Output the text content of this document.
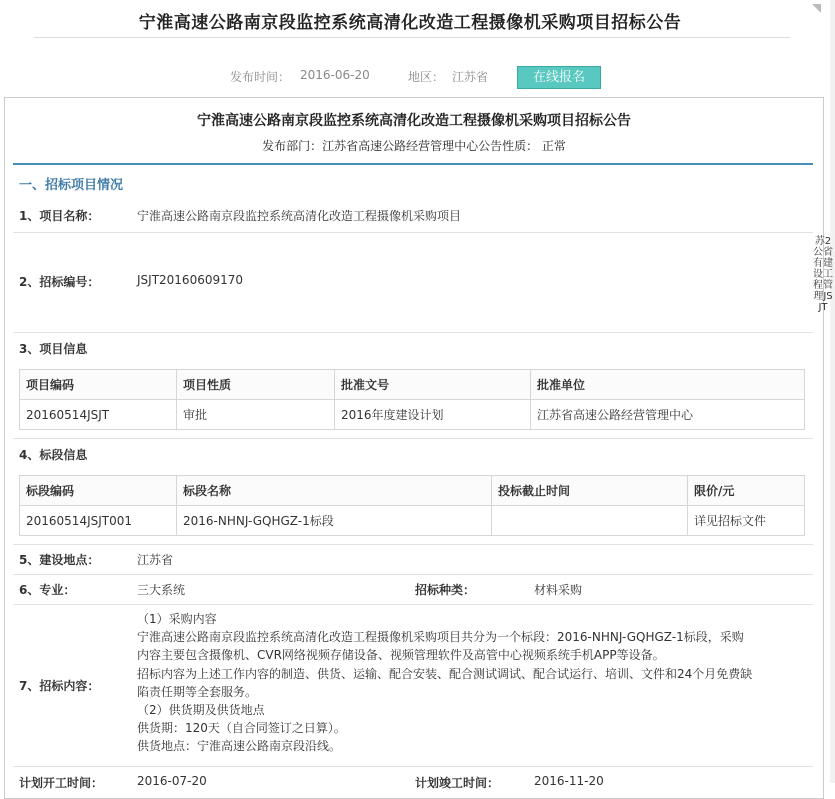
宁淮高速公路南京段监控系统高清化改造工程摄像机采购项目招标公告
发布时间： 2016-06-20	地区： 江苏省	在线报名
宁淮高速公路南京段监控系统高清化改造工程摄像机采购项目招标公告
发布部门：江苏省高速公路经营管理中心公告性质： 正常
一、招标项目情况
1、项目名称：	宁淮高速公路南京段监控系统高清化改造工程摄像机采购项目
2、招标编号：	JSJT20160609170
3、项目信息
项目编码	项目性质	批准文号	批准单位
20160514JSJT	审批	2016年度建设计划	江苏省高速公路经营管理中心
4、标段信息
标段编码	标段名称	投标截止时间	限价/元
20160514JSJT001	2016-NHNJ-GQHGZ-1标段		详见招标文件
5、建设地点：	江苏省
6、专业：	三大系统	招标种类：	材料采购
7、招标内容：

（1）采购内容

宁淮高速公路南京段监控系统高清化改造工程摄像机采购项目共分为一个标段：2016-NHNJ-GQHGZ-1标段，采购

内容主要包含摄像机、CVR网络视频存储设备、视频管理软件及高管中心视频系统手机APP等设备。

招标内容为上述工作内容的制造、供货、运输、配合安装、配合测试调试、配合试运行、培训、文件和24个月免费缺

陷责任期等全套服务。

（2）供货期及供货地点

供货期：120天（自合同签订之日算）。

供货地点：宁淮高速公路南京段沿线。

计划开工时间：	2016-07-20	计划竣工时间：	2016-11-20
苏2公省有建设工程管理JSJT
